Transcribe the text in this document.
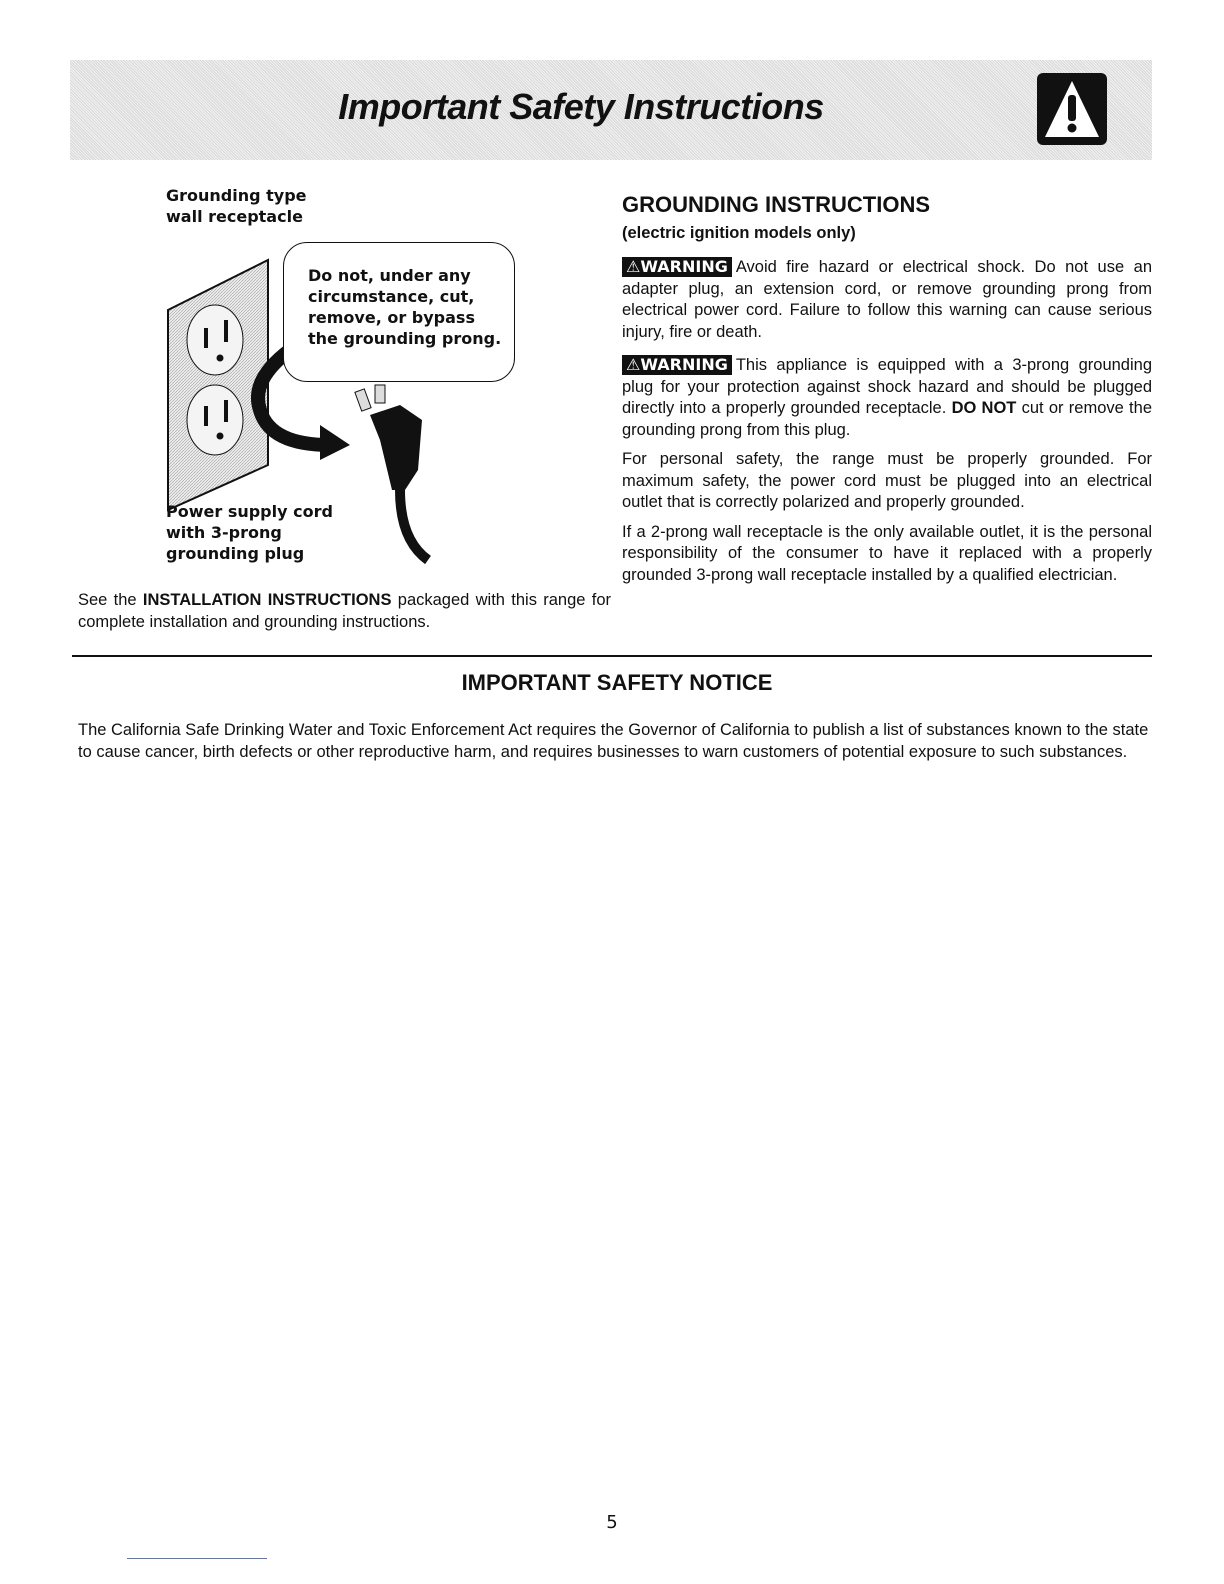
Important Safety Instructions
Grounding type
wall receptacle
Do not, under any
circumstance, cut,
remove, or bypass
the grounding prong.
Power supply cord
with 3-prong
grounding plug
See the INSTALLATION INSTRUCTIONS packaged with this range for complete installation and grounding instructions.
GROUNDING INSTRUCTIONS
(electric ignition models only)

⚠WARNING Avoid fire hazard or electrical shock. Do not use an adapter plug, an extension cord, or remove grounding prong from electrical power cord. Failure to follow this warning can cause serious injury, fire or death.

⚠WARNING This appliance is equipped with a 3-prong grounding plug for your protection against shock hazard and should be plugged directly into a properly grounded receptacle. DO NOT cut or remove the grounding prong from this plug.

For personal safety, the range must be properly grounded. For maximum safety, the power cord must be plugged into an electrical outlet that is correctly polarized and properly grounded.

If a 2-prong wall receptacle is the only available outlet, it is the personal responsibility of the consumer to have it replaced with a properly grounded 3-prong wall receptacle installed by a qualified electrician.

IMPORTANT SAFETY NOTICE

The California Safe Drinking Water and Toxic Enforcement Act requires the Governor of California to publish a list of substances known to the state to cause cancer, birth defects or other reproductive harm, and requires businesses to warn customers of potential exposure to such substances.

5
